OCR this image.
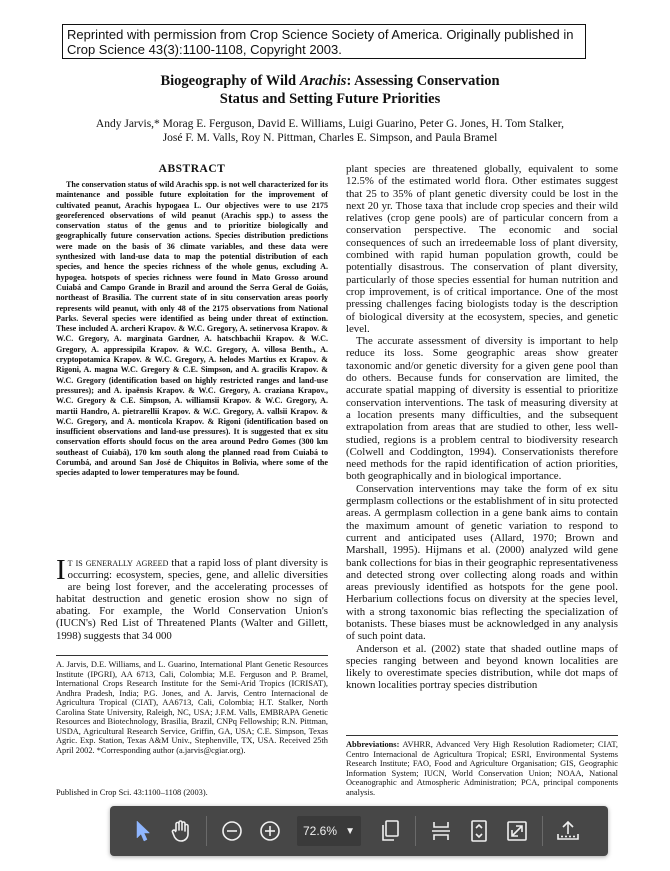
Reprinted with permission from Crop Science Society of America. Originally published in Crop Science 43(3):1100-1108, Copyright 2003.
Biogeography of Wild Arachis: Assessing Conservation
Status and Setting Future Priorities
Andy Jarvis,* Morag E. Ferguson, David E. Williams, Luigi Guarino, Peter G. Jones, H. Tom Stalker,
José F. M. Valls, Roy N. Pittman, Charles E. Simpson, and Paula Bramel
ABSTRACT
The conservation status of wild Arachis spp. is not well characterized for its maintenance and possible future exploitation for the improvement of cultivated peanut, Arachis hypogaea L. Our objectives were to use 2175 georeferenced observations of wild peanut (Arachis spp.) to assess the conservation status of the genus and to prioritize biologically and geographically future conservation actions. Species distribution predictions were made on the basis of 36 climate variables, and these data were synthesized with land-use data to map the potential distribution of each species, and hence the species richness of the whole genus, excluding A. hypogea. hotspots of species richness were found in Mato Grosso around Cuiabá and Campo Grande in Brazil and around the Serra Geral de Goiás, northeast of Brasília. The current state of in situ conservation areas poorly represents wild peanut, with only 48 of the 2175 observations from National Parks. Several species were identified as being under threat of extinction. These included A. archeri Krapov. & W.C. Gregory, A. setinervosa Krapov. & W.C. Gregory, A. marginata Gardner, A. hatschbachii Krapov. & W.C. Gregory, A. appressipila Krapov. & W.C. Gregory, A. villosa Benth., A. cryptopotamica Krapov. & W.C. Gregory, A. helodes Martius ex Krapov. & Rigoni, A. magna W.C. Gregory & C.E. Simpson, and A. gracilis Krapov. & W.C. Gregory (identification based on highly restricted ranges and land-use pressures); and A. ipaënsis Krapov. & W.C. Gregory, A. craziana Krapov., W.C. Gregory & C.E. Simpson, A. williamsii Krapov. & W.C. Gregory, A. martii Handro, A. pietrarellii Krapov. & W.C. Gregory, A. vallsii Krapov. & W.C. Gregory, and A. monticola Krapov. & Rigoni (identification based on insufficient observations and land-use pressures). It is suggested that ex situ conservation efforts should focus on the area around Pedro Gomes (300 km southeast of Cuiabá), 170 km south along the planned road from Cuiabá to Corumbá, and around San José de Chiquitos in Bolivia, where some of the species adapted to lower temperatures may be found.
It is generally agreed that a rapid loss of plant diversity is occurring: ecosystem, species, gene, and allelic diversities are being lost forever, and the accelerating processes of habitat destruction and genetic erosion show no sign of abating. For example, the World Conservation Union's (IUCN's) Red List of Threatened Plants (Walter and Gillett, 1998) suggests that 34 000
A. Jarvis, D.E. Williams, and L. Guarino, International Plant Genetic Resources Institute (IPGRI), AA 6713, Cali, Colombia; M.E. Ferguson and P. Bramel, International Crops Research Institute for the Semi-Arid Tropics (ICRISAT), Andhra Pradesh, India; P.G. Jones, and A. Jarvis, Centro Internacional de Agricultura Tropical (CIAT), AA6713, Cali, Colombia; H.T. Stalker, North Carolina State University, Raleigh, NC, USA; J.F.M. Valls, EMBRAPA Genetic Resources and Biotechnology, Brasilia, Brazil, CNPq Fellowship; R.N. Pittman, USDA, Agricultural Research Service, Griffin, GA, USA; C.E. Simpson, Texas Agric. Exp. Station, Texas A&M Univ., Stephenville, TX, USA. Received 25th April 2002. *Corresponding author (a.jarvis@cgiar.org).
Published in Crop Sci. 43:1100–1108 (2003).

plant species are threatened globally, equivalent to some 12.5% of the estimated world flora. Other estimates suggest that 25 to 35% of plant genetic diversity could be lost in the next 20 yr. Those taxa that include crop species and their wild relatives (crop gene pools) are of particular concern from a conservation perspective. The economic and social consequences of such an irredeemable loss of plant diversity, combined with rapid human population growth, could be potentially disastrous. The conservation of plant diversity, particularly of those species essential for human nutrition and crop improvement, is of critical importance. One of the most pressing challenges facing biologists today is the description of biological diversity at the ecosystem, species, and genetic level.

The accurate assessment of diversity is important to help reduce its loss. Some geographic areas show greater taxonomic and/or genetic diversity for a given gene pool than do others. Because funds for conservation are limited, the accurate spatial mapping of diversity is essential to prioritize conservation interventions. The task of measuring diversity at a location presents many difficulties, and the subsequent extrapolation from areas that are studied to other, less well-studied, regions is a problem central to biodiversity research (Colwell and Coddington, 1994). Conservationists therefore need methods for the rapid identification of action priorities, both geographically and in biological importance.

Conservation interventions may take the form of ex situ germplasm collections or the establishment of in situ protected areas. A germplasm collection in a gene bank aims to contain the maximum amount of genetic variation to respond to current and anticipated uses (Allard, 1970; Brown and Marshall, 1995). Hijmans et al. (2000) analyzed wild gene bank collections for bias in their geographic representativeness and detected strong over collecting along roads and within areas previously identified as hotspots for the gene pool. Herbarium collections focus on diversity at the species level, with a strong taxonomic bias reflecting the specialization of botanists. These biases must be acknowledged in any analysis of such point data.

Anderson et al. (2002) state that shaded outline maps of species ranging between and beyond known localities are likely to overestimate species distribution, while dot maps of known localities portray species distribution

Abbreviations: AVHRR, Advanced Very High Resolution Radiometer; CIAT, Centro Internacional de Agricultura Tropical; ESRI, Environmental Systems Research Institute; FAO, Food and Agriculture Organisation; GIS, Geographic Information System; IUCN, World Conservation Union; NOAA, National Oceanographic and Atmospheric Administration; PCA, principal components analysis.
72.6% ▼
